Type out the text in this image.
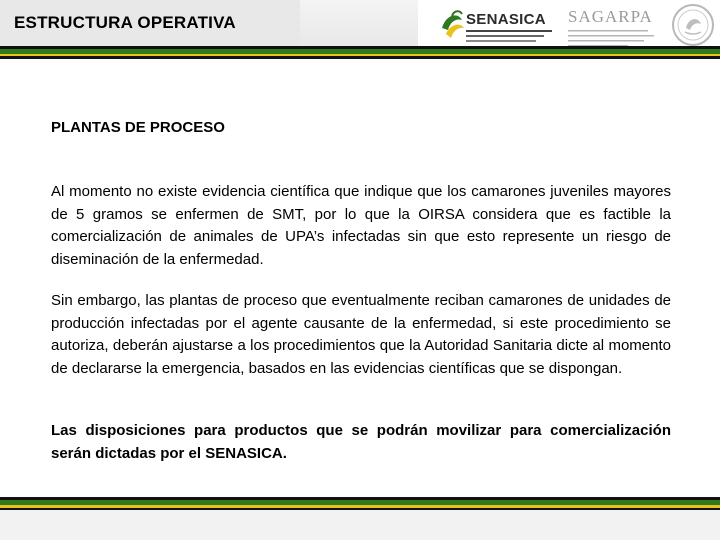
ESTRUCTURA OPERATIVA	SENASICA SAGARPA
PLANTAS DE PROCESO

Al momento no existe evidencia científica que indique que los camarones juveniles mayores de 5 gramos se enfermen de SMT, por lo que la OIRSA considera que es factible la comercialización de animales de UPA’s infectadas sin que esto represente un riesgo de diseminación de la enfermedad.

Sin embargo, las plantas de proceso que eventualmente reciban camarones de unidades de producción infectadas por el agente causante de la enfermedad, si este procedimiento se autoriza, deberán ajustarse a los procedimientos que la Autoridad Sanitaria dicte al momento de declararse la emergencia, basados en las evidencias científicas que se dispongan.

Las disposiciones para productos que se podrán movilizar para comercialización serán dictadas por el SENASICA.
